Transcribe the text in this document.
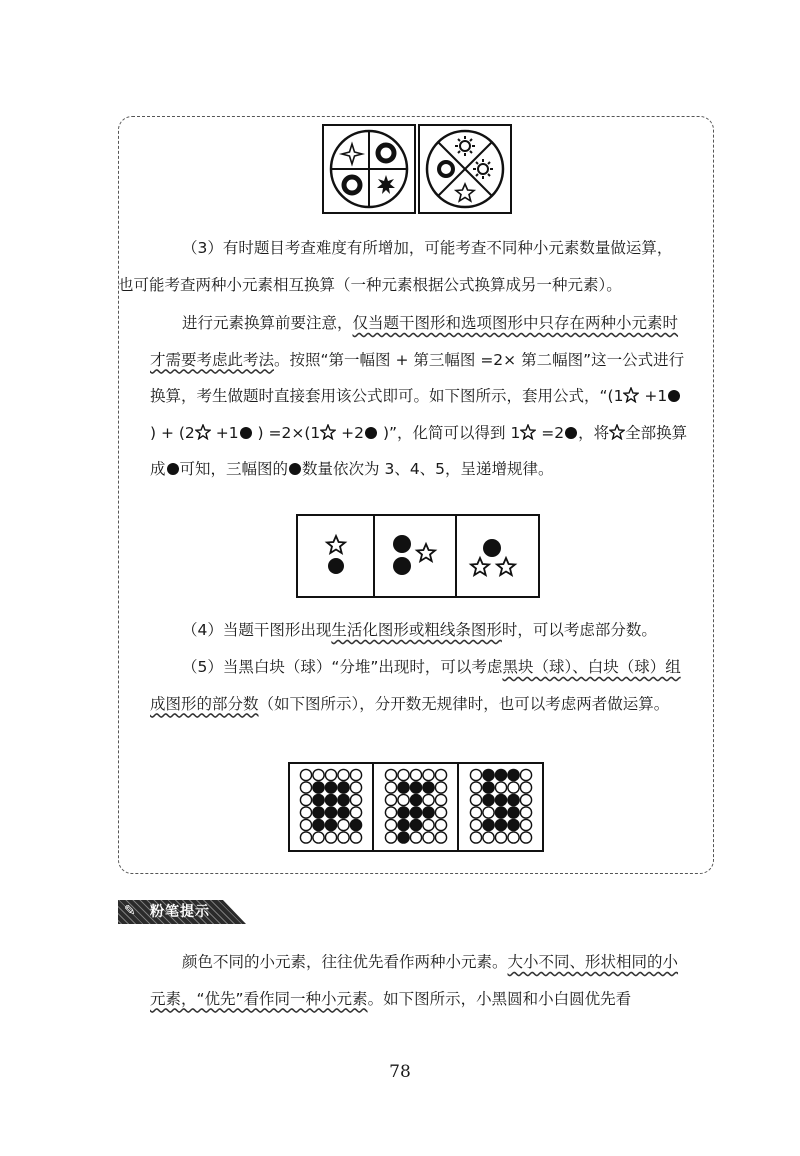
（3）有时题目考查难度有所增加，可能考查不同种小元素数量做运算，
也可能考查两种小元素相互换算（一种元素根据公式换算成另一种元素）。
进行元素换算前要注意，仅当题干图形和选项图形中只存在两种小元素时才需要考虑此考法。按照“第一幅图 + 第三幅图 =2× 第二幅图”这一公式进行换算，考生做题时直接套用该公式即可。如下图所示，套用公式，“(1 +1 ) + (2 +1 ) =2×(1 +2 )”，化简可以得到 1 =2 ，将 全部换算成 可知，三幅图的 数量依次为 3、4、5，呈递增规律。
（4）当题干图形出现生活化图形或粗线条图形时，可以考虑部分数。
（5）当黑白块（球）“分堆”出现时，可以考虑黑块（球）、白块（球）组成图形的部分数（如下图所示），分开数无规律时，也可以考虑两者做运算。
✎ 粉笔提示
颜色不同的小元素，往往优先看作两种小元素。大小不同、形状相同的小元素，“优先”看作同一种小元素。如下图所示，小黑圆和小白圆优先看
78
